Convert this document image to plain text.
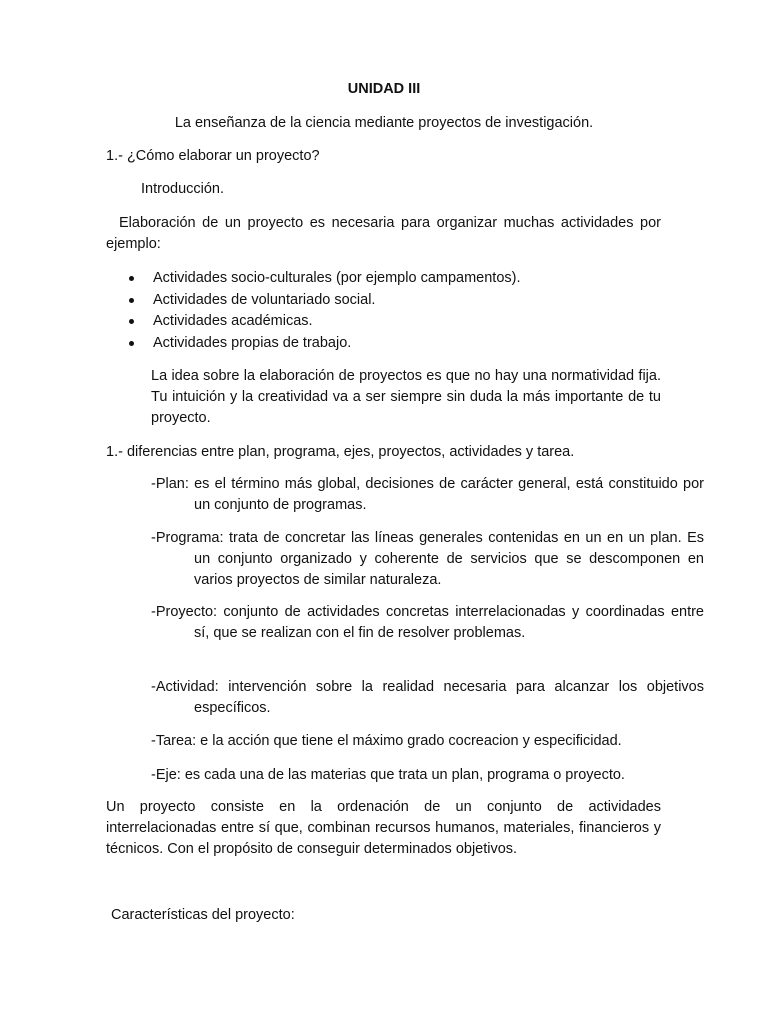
UNIDAD III

La enseñanza de la ciencia mediante proyectos de investigación.

1.- ¿Cómo elaborar un proyecto?

Introducción.

Elaboración de un proyecto es necesaria para organizar muchas actividades por ejemplo:

Actividades socio-culturales (por ejemplo campamentos).
Actividades de voluntariado social.
Actividades académicas.
Actividades propias de trabajo.

La idea sobre la elaboración de proyectos es que no hay una normatividad fija. Tu intuición y la creatividad va a ser siempre sin duda la más importante de tu proyecto.

1.- diferencias entre plan, programa, ejes, proyectos, actividades y tarea.

-Plan: es el término más global, decisiones de carácter general, está constituido por un conjunto de programas.

-Programa: trata de concretar las líneas generales contenidas en un en un plan. Es un conjunto organizado y coherente de servicios que se descomponen en varios proyectos de similar naturaleza.

-Proyecto: conjunto de actividades concretas interrelacionadas y coordinadas entre sí, que se realizan con el fin de resolver problemas.

-Actividad: intervención sobre la realidad necesaria para alcanzar los objetivos específicos.

-Tarea: e la acción que tiene el máximo grado cocreacion y especificidad.

-Eje: es cada una de las materias que trata un plan, programa o proyecto.

Un proyecto consiste en la ordenación de un conjunto de actividades interrelacionadas entre sí que, combinan recursos humanos, materiales, financieros y técnicos. Con el propósito de conseguir determinados objetivos.

Características del proyecto:
